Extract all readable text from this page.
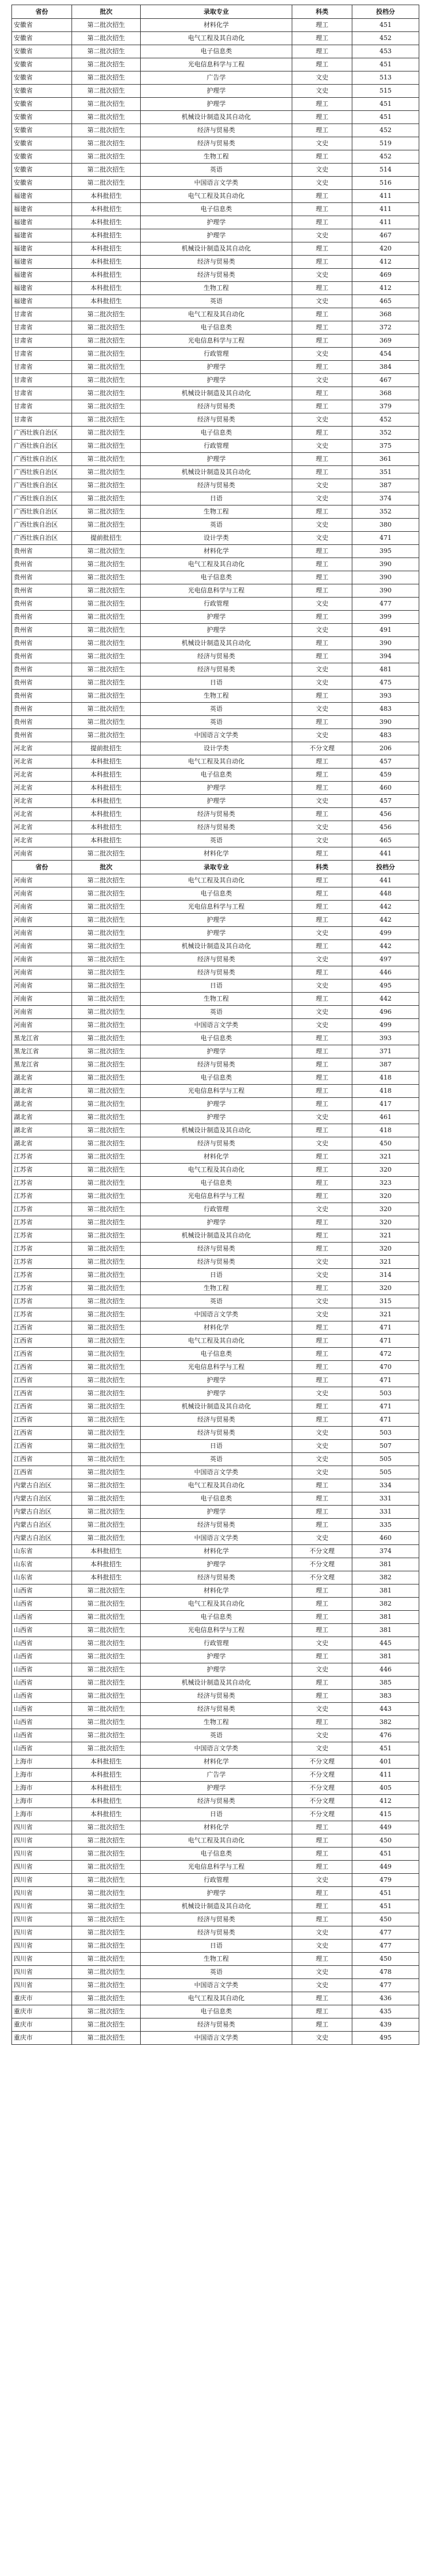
省份	批次	录取专业	科类	投档分
安徽省	第二批次招生	材料化学	理工	451
安徽省	第二批次招生	电气工程及其自动化	理工	452
安徽省	第二批次招生	电子信息类	理工	453
安徽省	第二批次招生	光电信息科学与工程	理工	451
安徽省	第二批次招生	广告学	文史	513
安徽省	第二批次招生	护理学	文史	515
安徽省	第二批次招生	护理学	理工	451
安徽省	第二批次招生	机械设计制造及其自动化	理工	451
安徽省	第二批次招生	经济与贸易类	理工	452
安徽省	第二批次招生	经济与贸易类	文史	519
安徽省	第二批次招生	生物工程	理工	452
安徽省	第二批次招生	英语	文史	514
安徽省	第二批次招生	中国语言文学类	文史	516
福建省	本科批招生	电气工程及其自动化	理工	411
福建省	本科批招生	电子信息类	理工	411
福建省	本科批招生	护理学	理工	411
福建省	本科批招生	护理学	文史	467
福建省	本科批招生	机械设计制造及其自动化	理工	420
福建省	本科批招生	经济与贸易类	理工	412
福建省	本科批招生	经济与贸易类	文史	469
福建省	本科批招生	生物工程	理工	412
福建省	本科批招生	英语	文史	465
甘肃省	第二批次招生	电气工程及其自动化	理工	368
甘肃省	第二批次招生	电子信息类	理工	372
甘肃省	第二批次招生	光电信息科学与工程	理工	369
甘肃省	第二批次招生	行政管理	文史	454
甘肃省	第二批次招生	护理学	理工	384
甘肃省	第二批次招生	护理学	文史	467
甘肃省	第二批次招生	机械设计制造及其自动化	理工	368
甘肃省	第二批次招生	经济与贸易类	理工	379
甘肃省	第二批次招生	经济与贸易类	文史	452
广西壮族自治区	第二批次招生	电子信息类	理工	352
广西壮族自治区	第二批次招生	行政管理	文史	375
广西壮族自治区	第二批次招生	护理学	理工	361
广西壮族自治区	第二批次招生	机械设计制造及其自动化	理工	351
广西壮族自治区	第二批次招生	经济与贸易类	文史	387
广西壮族自治区	第二批次招生	日语	文史	374
广西壮族自治区	第二批次招生	生物工程	理工	352
广西壮族自治区	第二批次招生	英语	文史	380
广西壮族自治区	提前批招生	设计学类	文史	471
贵州省	第二批次招生	材料化学	理工	395
贵州省	第二批次招生	电气工程及其自动化	理工	390
贵州省	第二批次招生	电子信息类	理工	390
贵州省	第二批次招生	光电信息科学与工程	理工	390
贵州省	第二批次招生	行政管理	文史	477
贵州省	第二批次招生	护理学	理工	399
贵州省	第二批次招生	护理学	文史	491
贵州省	第二批次招生	机械设计制造及其自动化	理工	390
贵州省	第二批次招生	经济与贸易类	理工	394
贵州省	第二批次招生	经济与贸易类	文史	481
贵州省	第二批次招生	日语	文史	475
贵州省	第二批次招生	生物工程	理工	393
贵州省	第二批次招生	英语	文史	483
贵州省	第二批次招生	英语	理工	390
贵州省	第二批次招生	中国语言文学类	文史	483
河北省	提前批招生	设计学类	不分文理	206
河北省	本科批招生	电气工程及其自动化	理工	457
河北省	本科批招生	电子信息类	理工	459
河北省	本科批招生	护理学	理工	460
河北省	本科批招生	护理学	文史	457
河北省	本科批招生	经济与贸易类	理工	456
河北省	本科批招生	经济与贸易类	文史	456
河北省	本科批招生	英语	文史	465
河南省	第二批次招生	材料化学	理工	441
省份	批次	录取专业	科类	投档分
河南省	第二批次招生	电气工程及其自动化	理工	441
河南省	第二批次招生	电子信息类	理工	448
河南省	第二批次招生	光电信息科学与工程	理工	442
河南省	第二批次招生	护理学	理工	442
河南省	第二批次招生	护理学	文史	499
河南省	第二批次招生	机械设计制造及其自动化	理工	442
河南省	第二批次招生	经济与贸易类	文史	497
河南省	第二批次招生	经济与贸易类	理工	446
河南省	第二批次招生	日语	文史	495
河南省	第二批次招生	生物工程	理工	442
河南省	第二批次招生	英语	文史	496
河南省	第二批次招生	中国语言文学类	文史	499
黑龙江省	第二批次招生	电子信息类	理工	393
黑龙江省	第二批次招生	护理学	理工	371
黑龙江省	第二批次招生	经济与贸易类	理工	387
湖北省	第二批次招生	电子信息类	理工	418
湖北省	第二批次招生	光电信息科学与工程	理工	418
湖北省	第二批次招生	护理学	理工	417
湖北省	第二批次招生	护理学	文史	461
湖北省	第二批次招生	机械设计制造及其自动化	理工	418
湖北省	第二批次招生	经济与贸易类	文史	450
江苏省	第二批次招生	材料化学	理工	321
江苏省	第二批次招生	电气工程及其自动化	理工	320
江苏省	第二批次招生	电子信息类	理工	323
江苏省	第二批次招生	光电信息科学与工程	理工	320
江苏省	第二批次招生	行政管理	文史	320
江苏省	第二批次招生	护理学	理工	320
江苏省	第二批次招生	机械设计制造及其自动化	理工	321
江苏省	第二批次招生	经济与贸易类	理工	320
江苏省	第二批次招生	经济与贸易类	文史	321
江苏省	第二批次招生	日语	文史	314
江苏省	第二批次招生	生物工程	理工	320
江苏省	第二批次招生	英语	文史	315
江苏省	第二批次招生	中国语言文学类	文史	321
江西省	第二批次招生	材料化学	理工	471
江西省	第二批次招生	电气工程及其自动化	理工	471
江西省	第二批次招生	电子信息类	理工	472
江西省	第二批次招生	光电信息科学与工程	理工	470
江西省	第二批次招生	护理学	理工	471
江西省	第二批次招生	护理学	文史	503
江西省	第二批次招生	机械设计制造及其自动化	理工	471
江西省	第二批次招生	经济与贸易类	理工	471
江西省	第二批次招生	经济与贸易类	文史	503
江西省	第二批次招生	日语	文史	507
江西省	第二批次招生	英语	文史	505
江西省	第二批次招生	中国语言文学类	文史	505
内蒙古自治区	第二批次招生	电气工程及其自动化	理工	334
内蒙古自治区	第二批次招生	电子信息类	理工	331
内蒙古自治区	第二批次招生	护理学	理工	331
内蒙古自治区	第二批次招生	经济与贸易类	理工	335
内蒙古自治区	第二批次招生	中国语言文学类	文史	460
山东省	本科批招生	材料化学	不分文理	374
山东省	本科批招生	护理学	不分文理	381
山东省	本科批招生	经济与贸易类	不分文理	382
山西省	第二批次招生	材料化学	理工	381
山西省	第二批次招生	电气工程及其自动化	理工	382
山西省	第二批次招生	电子信息类	理工	381
山西省	第二批次招生	光电信息科学与工程	理工	381
山西省	第二批次招生	行政管理	文史	445
山西省	第二批次招生	护理学	理工	381
山西省	第二批次招生	护理学	文史	446
山西省	第二批次招生	机械设计制造及其自动化	理工	385
山西省	第二批次招生	经济与贸易类	理工	383
山西省	第二批次招生	经济与贸易类	文史	443
山西省	第二批次招生	生物工程	理工	382
山西省	第二批次招生	英语	文史	476
山西省	第二批次招生	中国语言文学类	文史	451
上海市	本科批招生	材料化学	不分文理	401
上海市	本科批招生	广告学	不分文理	411
上海市	本科批招生	护理学	不分文理	405
上海市	本科批招生	经济与贸易类	不分文理	412
上海市	本科批招生	日语	不分文理	415
四川省	第二批次招生	材料化学	理工	449
四川省	第二批次招生	电气工程及其自动化	理工	450
四川省	第二批次招生	电子信息类	理工	451
四川省	第二批次招生	光电信息科学与工程	理工	449
四川省	第二批次招生	行政管理	文史	479
四川省	第二批次招生	护理学	理工	451
四川省	第二批次招生	机械设计制造及其自动化	理工	451
四川省	第二批次招生	经济与贸易类	理工	450
四川省	第二批次招生	经济与贸易类	文史	477
四川省	第二批次招生	日语	文史	477
四川省	第二批次招生	生物工程	理工	450
四川省	第二批次招生	英语	文史	478
四川省	第二批次招生	中国语言文学类	文史	477
重庆市	第二批次招生	电气工程及其自动化	理工	436
重庆市	第二批次招生	电子信息类	理工	435
重庆市	第二批次招生	经济与贸易类	理工	439
重庆市	第二批次招生	中国语言文学类	文史	495
